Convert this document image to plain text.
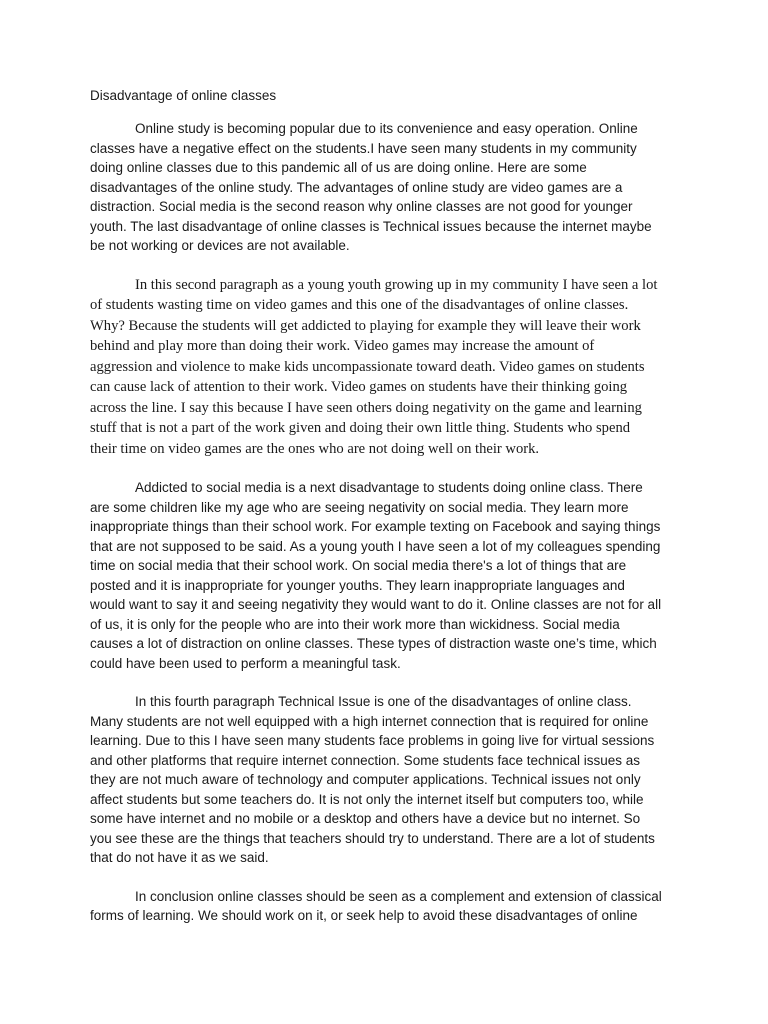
Disadvantage of online classes

Online study is becoming popular due to its convenience and easy operation. Online
classes have a negative effect on the students.I have seen many students in my community
doing online classes due to this pandemic all of us are doing online. Here are some
disadvantages of the online study. The advantages of online study are video games are a
distraction. Social media is the second reason why online classes are not good for younger
youth. The last disadvantage of online classes is Technical issues because the internet maybe
be not working or devices are not available.

In this second paragraph as a young youth growing up in my community I have seen a lot
of students wasting time on video games and this one of the disadvantages of online classes.
Why? Because the students will get addicted to playing for example they will leave their work
behind and play more than doing their work. Video games may increase the amount of
aggression and violence to make kids uncompassionate toward death. Video games on students
can cause lack of attention to their work. Video games on students have their thinking going
across the line. I say this because I have seen others doing negativity on the game and learning
stuff that is not a part of the work given and doing their own little thing. Students who spend
their time on video games are the ones who are not doing well on their work.

Addicted to social media is a next disadvantage to students doing online class. There
are some children like my age who are seeing negativity on social media. They learn more
inappropriate things than their school work. For example texting on Facebook and saying things
that are not supposed to be said. As a young youth I have seen a lot of my colleagues spending
time on social media that their school work. On social media there's a lot of things that are
posted and it is inappropriate for younger youths. They learn inappropriate languages and
would want to say it and seeing negativity they would want to do it. Online classes are not for all
of us, it is only for the people who are into their work more than wickidness. Social media
causes a lot of distraction on online classes. These types of distraction waste one’s time, which
could have been used to perform a meaningful task.

In this fourth paragraph Technical Issue is one of the disadvantages of online class.
Many students are not well equipped with a high internet connection that is required for online
learning. Due to this I have seen many students face problems in going live for virtual sessions
and other platforms that require internet connection. Some students face technical issues as
they are not much aware of technology and computer applications. Technical issues not only
affect students but some teachers do. It is not only the internet itself but computers too, while
some have internet and no mobile or a desktop and others have a device but no internet. So
you see these are the things that teachers should try to understand. There are a lot of students
that do not have it as we said.

In conclusion online classes should be seen as a complement and extension of classical
forms of learning. We should work on it, or seek help to avoid these disadvantages of online
